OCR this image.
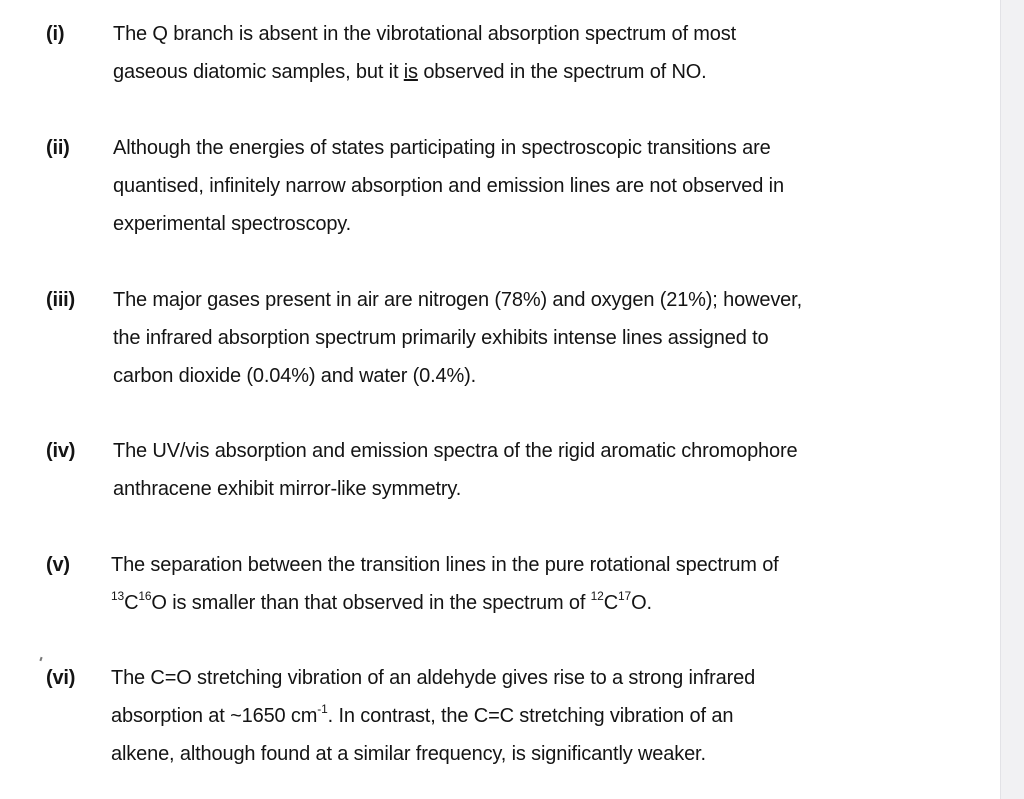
(i) The Q branch is absent in the vibrotational absorption spectrum of most
gaseous diatomic samples, but it is observed in the spectrum of NO.
(ii) Although the energies of states participating in spectroscopic transitions are
quantised, infinitely narrow absorption and emission lines are not observed in
experimental spectroscopy.
(iii) The major gases present in air are nitrogen (78%) and oxygen (21%); however,
the infrared absorption spectrum primarily exhibits intense lines assigned to
carbon dioxide (0.04%) and water (0.4%).
(iv) The UV/vis absorption and emission spectra of the rigid aromatic chromophore
anthracene exhibit mirror-like symmetry.
(v) The separation between the transition lines in the pure rotational spectrum of
$^{13}C^{16}O$ is smaller than that observed in the spectrum of $^{12}C^{17}O$.
(vi) The C=O stretching vibration of an aldehyde gives rise to a strong infrared
absorption at ~1650 $cm^{-1}$. In contrast, the C=C stretching vibration of an
alkene, although found at a similar frequency, is significantly weaker.
